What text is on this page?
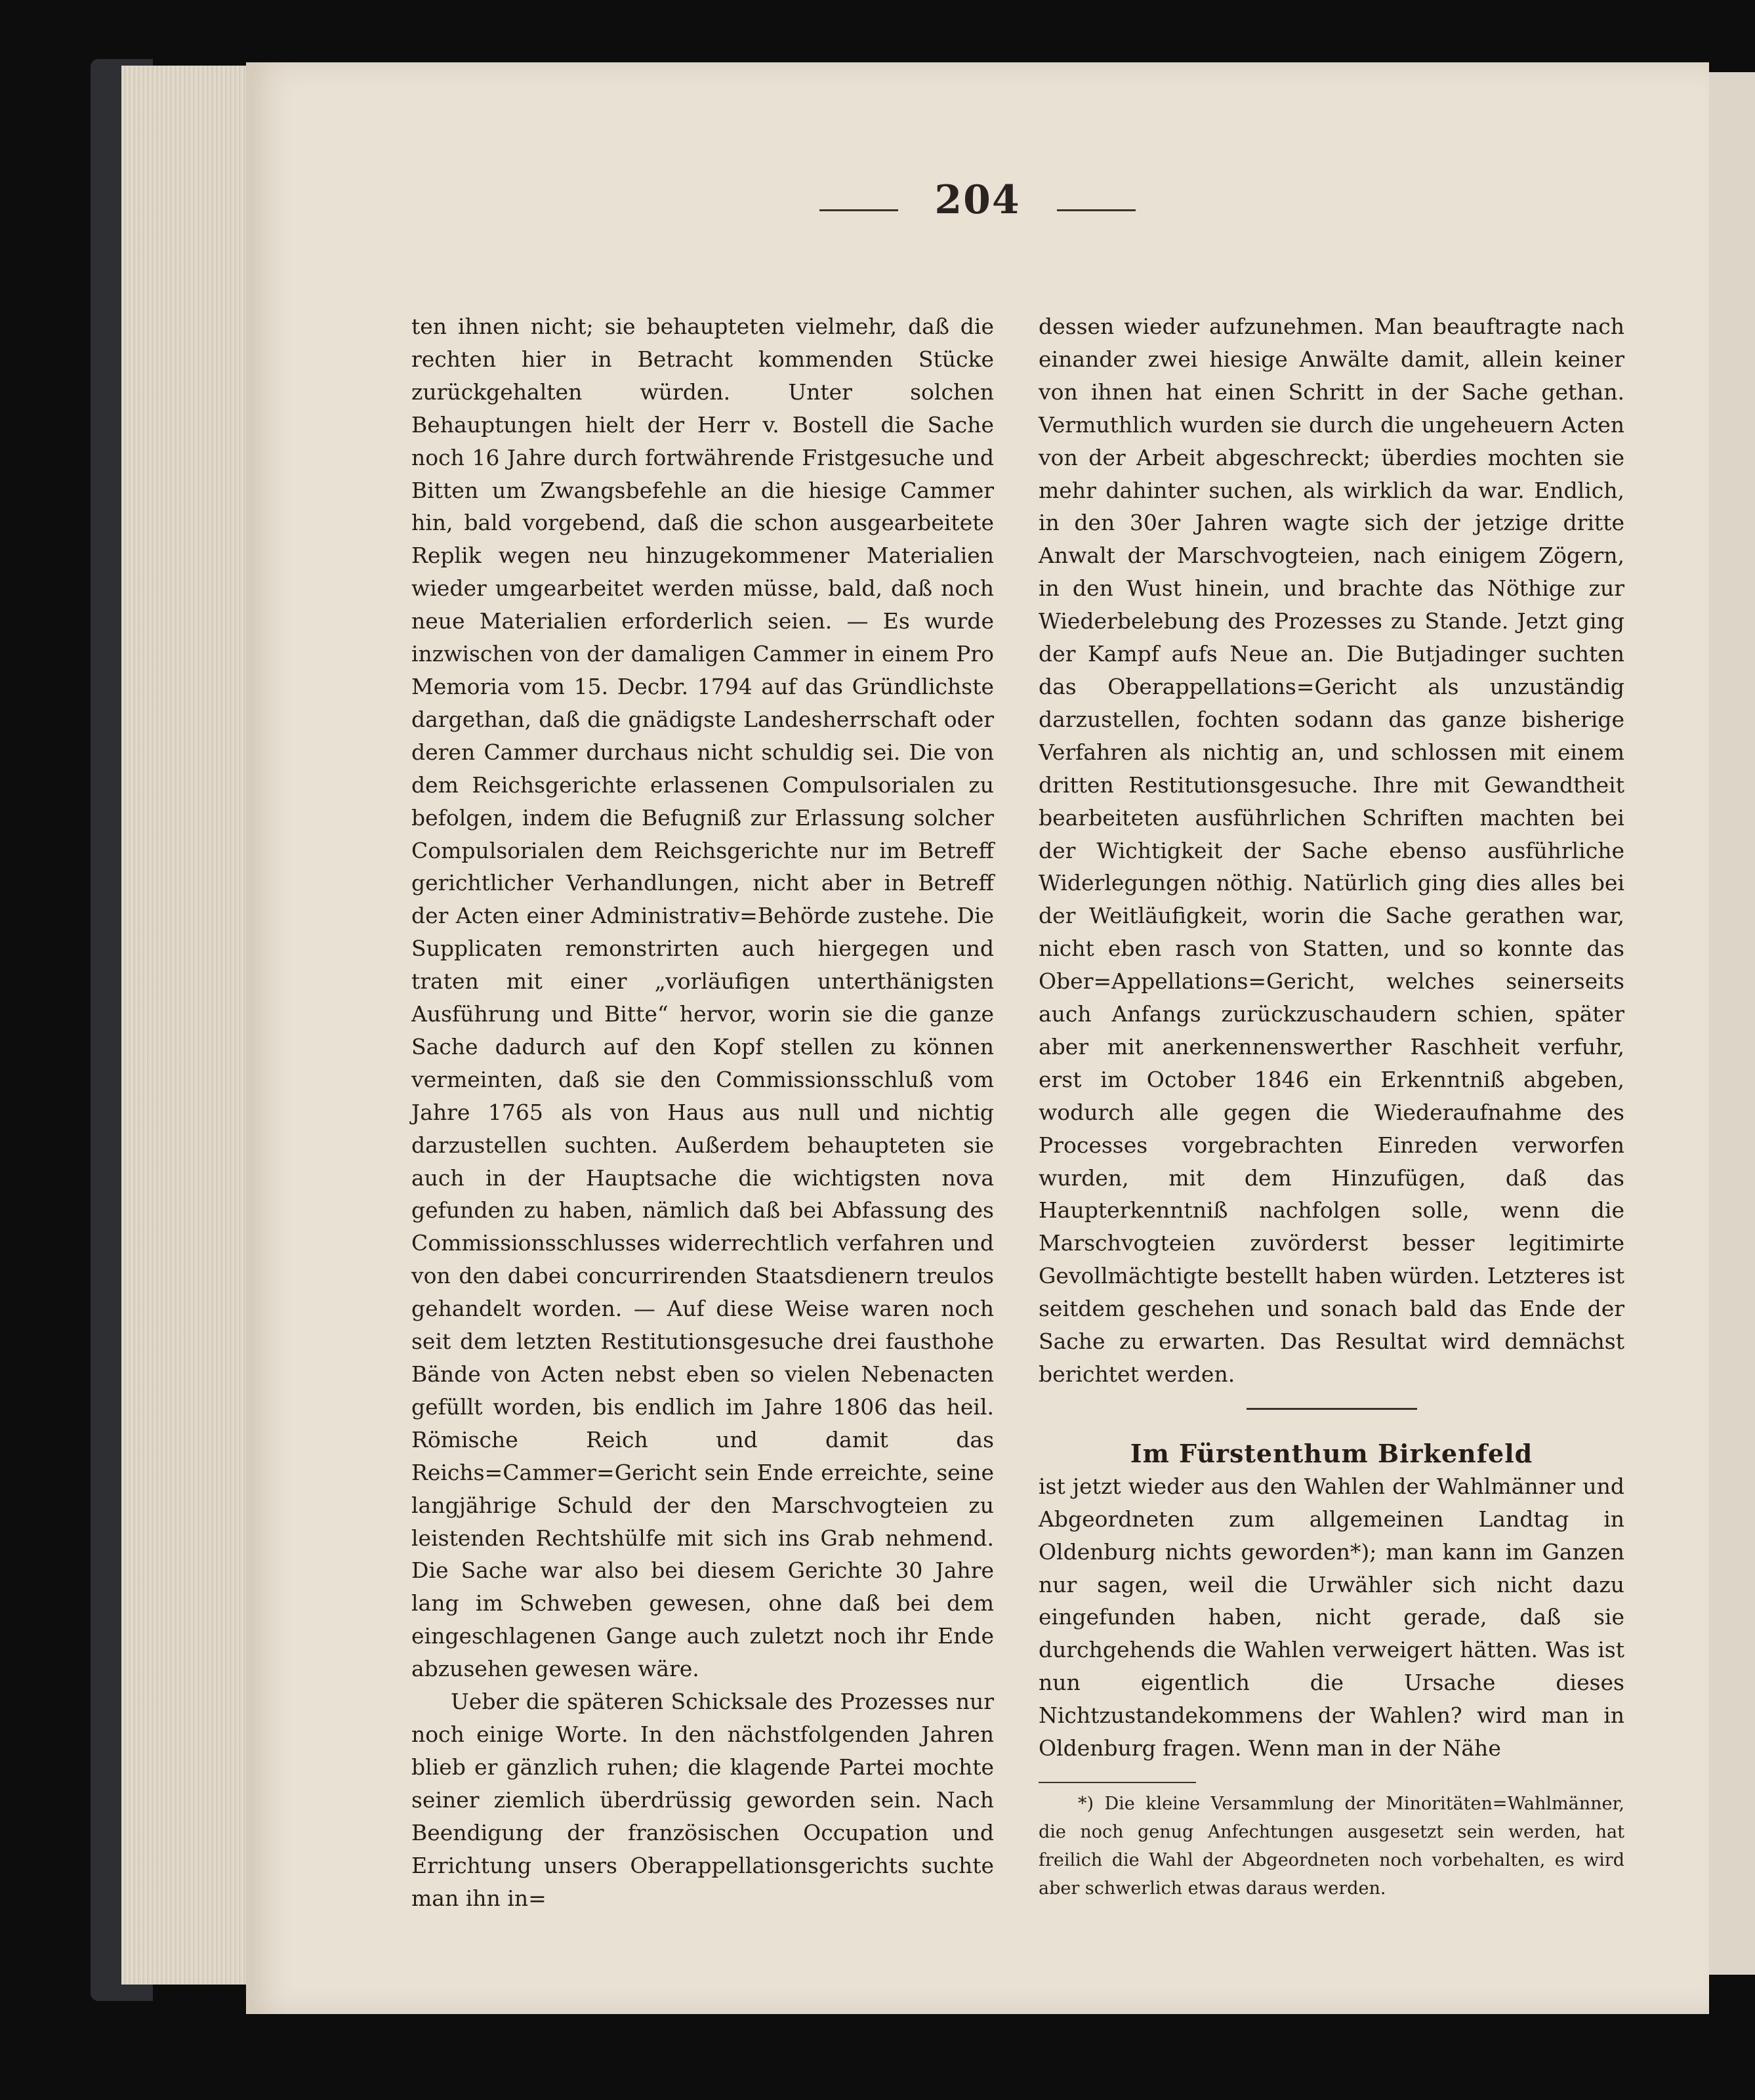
204

ten ihnen nicht; sie behaupteten vielmehr, daß die rechten hier in Betracht kommenden Stücke zurückgehalten würden. Unter solchen Behauptungen hielt der Herr v. Bostell die Sache noch 16 Jahre durch fortwährende Fristgesuche und Bitten um Zwangsbefehle an die hiesige Cammer hin, bald vorgebend, daß die schon ausgearbeitete Replik wegen neu hinzugekommener Materialien wieder umgearbeitet werden müsse, bald, daß noch neue Materialien erforderlich seien. — Es wurde inzwischen von der damaligen Cammer in einem Pro Memoria vom 15. Decbr. 1794 auf das Gründlichste dargethan, daß die gnädigste Landesherrschaft oder deren Cammer durchaus nicht schuldig sei. Die von dem Reichsgerichte erlassenen Compulsorialen zu befolgen, indem die Befugniß zur Erlassung solcher Compulsorialen dem Reichsgerichte nur im Betreff gerichtlicher Verhandlungen, nicht aber in Betreff der Acten einer Administrativ=Behörde zustehe. Die Supplicaten remonstrirten auch hiergegen und traten mit einer „vorläufigen unterthänigsten Ausführung und Bitte“ hervor, worin sie die ganze Sache dadurch auf den Kopf stellen zu können vermeinten, daß sie den Commissionsschluß vom Jahre 1765 als von Haus aus null und nichtig darzustellen suchten. Außerdem behaupteten sie auch in der Hauptsache die wichtigsten nova gefunden zu haben, nämlich daß bei Abfassung des Commissionsschlusses widerrechtlich verfahren und von den dabei concurrirenden Staatsdienern treulos gehandelt worden. — Auf diese Weise waren noch seit dem letzten Restitutionsgesuche drei fausthohe Bände von Acten nebst eben so vielen Nebenacten gefüllt worden, bis endlich im Jahre 1806 das heil. Römische Reich und damit das Reichs=Cammer=Gericht sein Ende erreichte, seine langjährige Schuld der den Marschvogteien zu leistenden Rechtshülfe mit sich ins Grab nehmend. Die Sache war also bei diesem Gerichte 30 Jahre lang im Schweben gewesen, ohne daß bei dem eingeschlagenen Gange auch zuletzt noch ihr Ende abzusehen gewesen wäre.

Ueber die späteren Schicksale des Prozesses nur noch einige Worte. In den nächstfolgenden Jahren blieb er gänzlich ruhen; die klagende Partei mochte seiner ziemlich überdrüssig geworden sein. Nach Beendigung der französischen Occupation und Errichtung unsers Oberappellationsgerichts suchte man ihn in=

dessen wieder aufzunehmen. Man beauftragte nach einander zwei hiesige Anwälte damit, allein keiner von ihnen hat einen Schritt in der Sache gethan. Vermuthlich wurden sie durch die ungeheuern Acten von der Arbeit abgeschreckt; überdies mochten sie mehr dahinter suchen, als wirklich da war. Endlich, in den 30er Jahren wagte sich der jetzige dritte Anwalt der Marschvogteien, nach einigem Zögern, in den Wust hinein, und brachte das Nöthige zur Wiederbelebung des Prozesses zu Stande. Jetzt ging der Kampf aufs Neue an. Die Butjadinger suchten das Oberappellations=Gericht als unzuständig darzustellen, fochten sodann das ganze bisherige Verfahren als nichtig an, und schlossen mit einem dritten Restitutionsgesuche. Ihre mit Gewandtheit bearbeiteten ausführlichen Schriften machten bei der Wichtigkeit der Sache ebenso ausführliche Widerlegungen nöthig. Natürlich ging dies alles bei der Weitläufigkeit, worin die Sache gerathen war, nicht eben rasch von Statten, und so konnte das Ober=Appellations=Gericht, welches seinerseits auch Anfangs zurückzuschaudern schien, später aber mit anerkennenswerther Raschheit verfuhr, erst im October 1846 ein Erkenntniß abgeben, wodurch alle gegen die Wiederaufnahme des Processes vorgebrachten Einreden verworfen wurden, mit dem Hinzufügen, daß das Haupterkenntniß nachfolgen solle, wenn die Marschvogteien zuvörderst besser legitimirte Gevollmächtigte bestellt haben würden. Letzteres ist seitdem geschehen und sonach bald das Ende der Sache zu erwarten. Das Resultat wird demnächst berichtet werden.

Im Fürstenthum Birkenfeld

ist jetzt wieder aus den Wahlen der Wahlmänner und Abgeordneten zum allgemeinen Landtag in Oldenburg nichts geworden*); man kann im Ganzen nur sagen, weil die Urwähler sich nicht dazu eingefunden haben, nicht gerade, daß sie durchgehends die Wahlen verweigert hätten. Was ist nun eigentlich die Ursache dieses Nichtzustandekommens der Wahlen? wird man in Oldenburg fragen. Wenn man in der Nähe

*) Die kleine Versammlung der Minoritäten=Wahlmänner, die noch genug Anfechtungen ausgesetzt sein werden, hat freilich die Wahl der Abgeordneten noch vorbehalten, es wird aber schwerlich etwas daraus werden.
